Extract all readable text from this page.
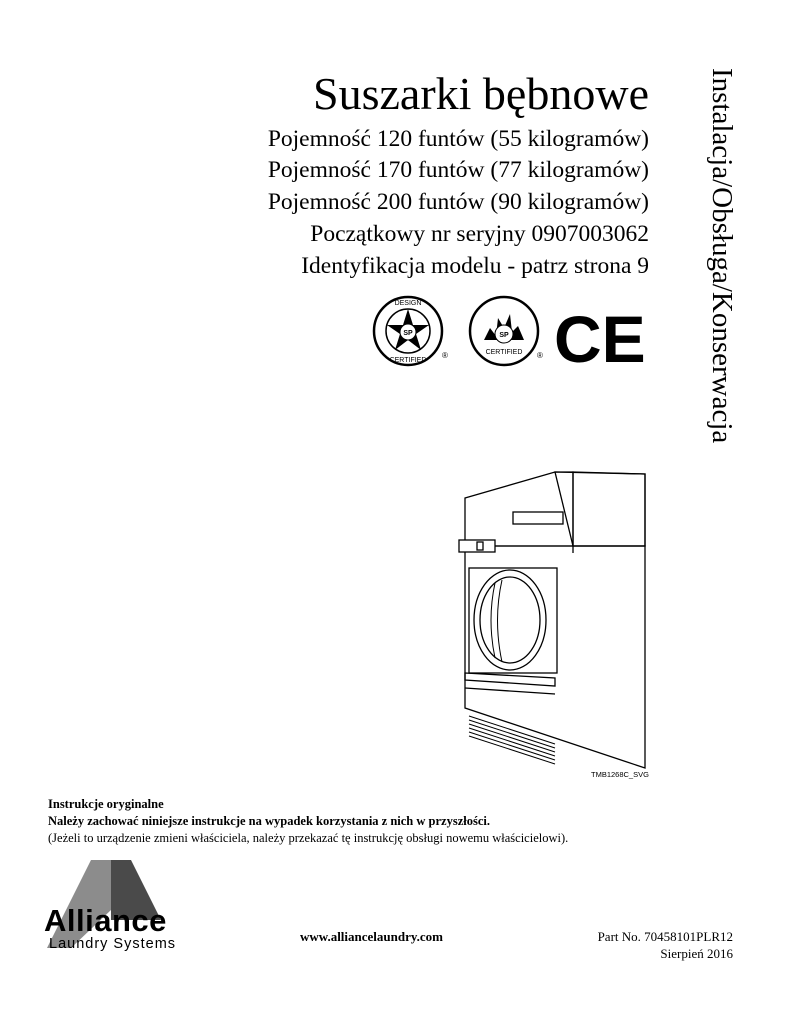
Suszarki bębnowe
Pojemność 120 funtów (55 kilogramów)
Pojemność 170 funtów (77 kilogramów)
Pojemność 200 funtów (90 kilogramów)
Początkowy nr seryjny 0907003062
Identyfikacja modelu - patrz strona 9 Instalacja/Obsługa/Konserwacja
SP
DESIGN
CERTIFIED
®
SP
CERTIFIED ® CE
TMB1268C_SVG
Instrukcje oryginalne
Należy zachować niniejsze instrukcje na wypadek korzystania z nich w przyszłości.
(Jeżeli to urządzenie zmieni właściciela, należy przekazać tę instrukcję obsługi nowemu właścicielowi).
Alliance
Laundry Systems	www.alliancelaundry.com	Part No. 70458101PLR12
Sierpień 2016
